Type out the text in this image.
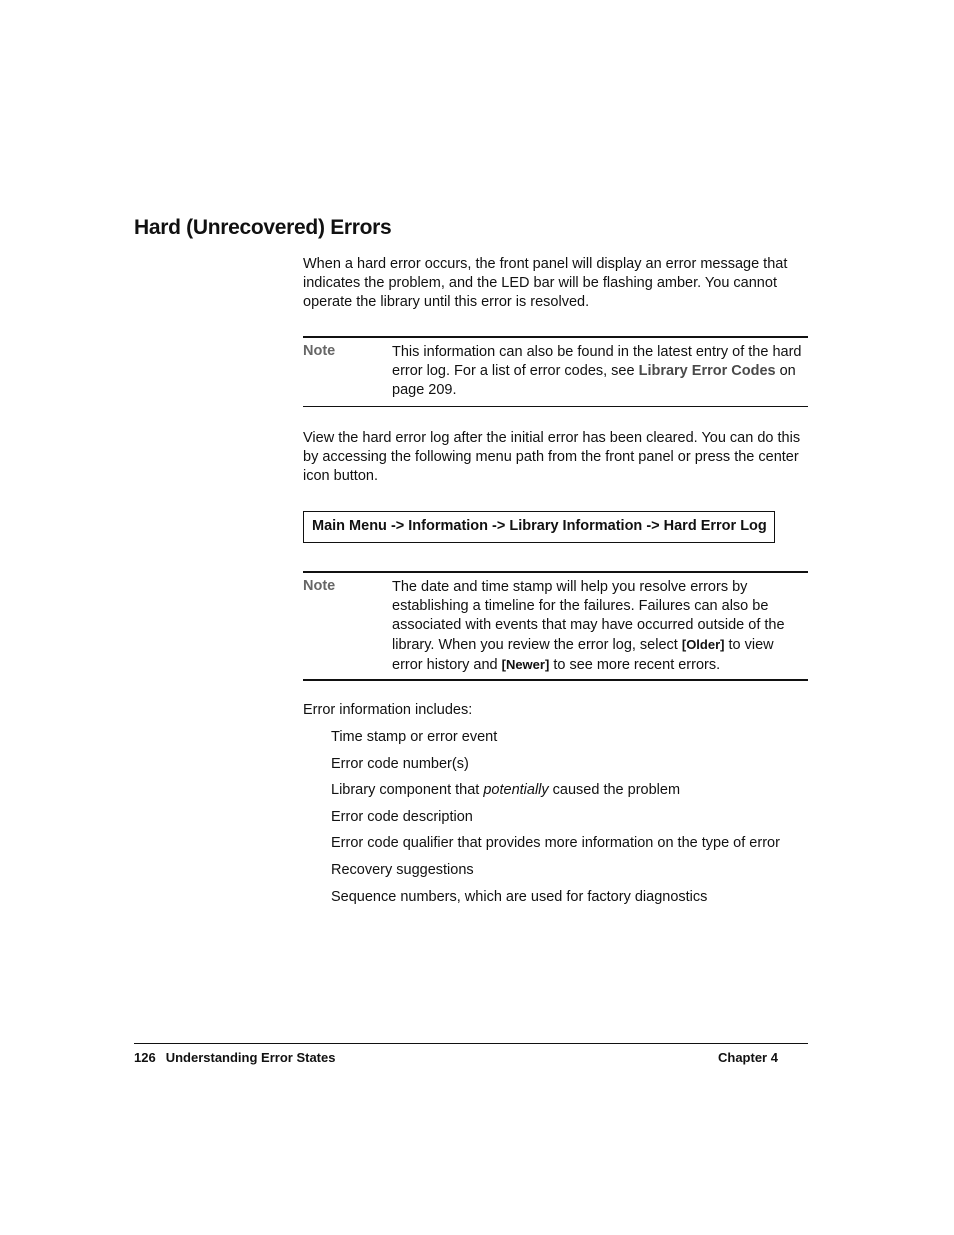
Hard (Unrecovered) Errors
When a hard error occurs, the front panel will display an error message that indicates the problem, and the LED bar will be flashing amber. You cannot operate the library until this error is resolved.
Note	This information can also be found in the latest entry of the hard error log. For a list of error codes, see Library Error Codes on page 209.
View the hard error log after the initial error has been cleared. You can do this by accessing the following menu path from the front panel or press the center icon button.
Main Menu -> Information -> Library Information -> Hard Error Log
Note	The date and time stamp will help you resolve errors by establishing a timeline for the failures. Failures can also be associated with events that may have occurred outside of the library. When you review the error log, select [Older] to view error history and [Newer] to see more recent errors.
Error information includes:
Time stamp or error event
Error code number(s)
Library component that potentially caused the problem
Error code description
Error code qualifier that provides more information on the type of error
Recovery suggestions
Sequence numbers, which are used for factory diagnostics
126 Understanding Error States	Chapter 4
